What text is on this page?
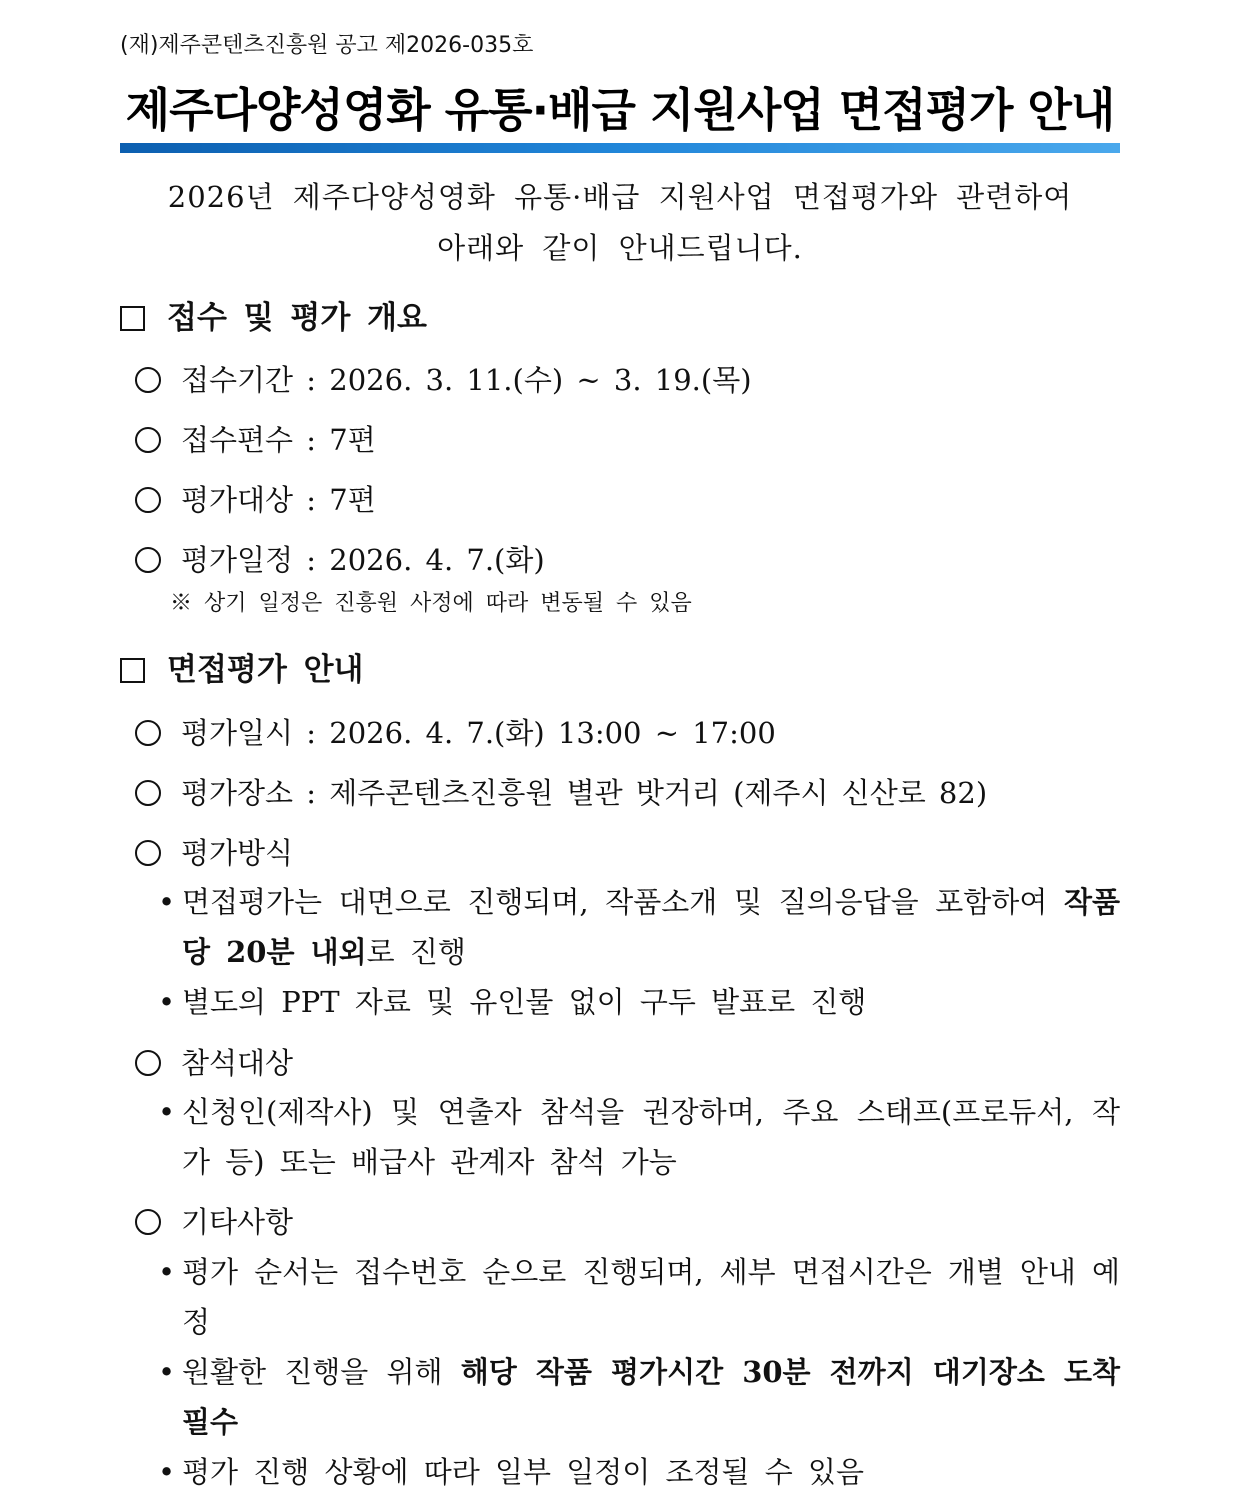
(재)제주콘텐츠진흥원 공고 제2026-035호
제주다양성영화 유통·배급 지원사업 면접평가 안내
2026년 제주다양성영화 유통·배급 지원사업 면접평가와 관련하여
아래와 같이 안내드립니다.
접수 및 평가 개요
접수기간 : 2026. 3. 11.(수) ~ 3. 19.(목)
접수편수 : 7편
평가대상 : 7편
평가일정 : 2026. 4. 7.(화)
※ 상기 일정은 진흥원 사정에 따라 변동될 수 있음
면접평가 안내
평가일시 : 2026. 4. 7.(화) 13:00 ~ 17:00
평가장소 : 제주콘텐츠진흥원 별관 밧거리 (제주시 신산로 82)
평가방식
• 면접평가는 대면으로 진행되며, 작품소개 및 질의응답을 포함하여 작품당 20분 내외로 진행
• 별도의 PPT 자료 및 유인물 없이 구두 발표로 진행
참석대상
• 신청인(제작사) 및 연출자 참석을 권장하며, 주요 스태프(프로듀서, 작가 등) 또는 배급사 관계자 참석 가능
기타사항
• 평가 순서는 접수번호 순으로 진행되며, 세부 면접시간은 개별 안내 예정
• 원활한 진행을 위해 해당 작품 평가시간 30분 전까지 대기장소 도착 필수
• 평가 진행 상황에 따라 일부 일정이 조정될 수 있음
